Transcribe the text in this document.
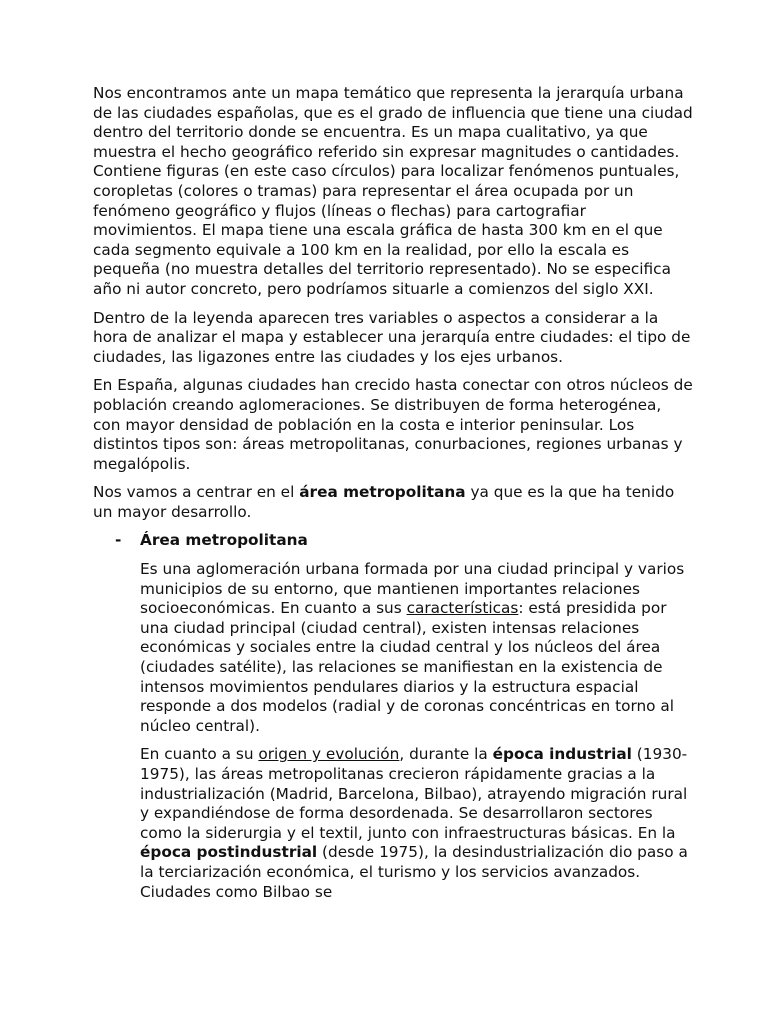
Nos encontramos ante un mapa temático que representa la jerarquía urbana de las ciudades españolas, que es el grado de influencia que tiene una ciudad dentro del territorio donde se encuentra. Es un mapa cualitativo, ya que muestra el hecho geográfico referido sin expresar magnitudes o cantidades. Contiene figuras (en este caso círculos) para localizar fenómenos puntuales, coropletas (colores o tramas) para representar el área ocupada por un fenómeno geográfico y flujos (líneas o flechas) para cartografiar movimientos. El mapa tiene una escala gráfica de hasta 300 km en el que cada segmento equivale a 100 km en la realidad, por ello la escala es pequeña (no muestra detalles del territorio representado). No se especifica año ni autor concreto, pero podríamos situarle a comienzos del siglo XXI.

Dentro de la leyenda aparecen tres variables o aspectos a considerar a la hora de analizar el mapa y establecer una jerarquía entre ciudades: el tipo de ciudades, las ligazones entre las ciudades y los ejes urbanos.

En España, algunas ciudades han crecido hasta conectar con otros núcleos de población creando aglomeraciones. Se distribuyen de forma heterogénea, con mayor densidad de población en la costa e interior peninsular. Los distintos tipos son: áreas metropolitanas, conurbaciones, regiones urbanas y megalópolis.

Nos vamos a centrar en el área metropolitana ya que es la que ha tenido un mayor desarrollo.

-	Área metropolitana

Es una aglomeración urbana formada por una ciudad principal y varios municipios de su entorno, que mantienen importantes relaciones socioeconómicas. En cuanto a sus características: está presidida por una ciudad principal (ciudad central), existen intensas relaciones económicas y sociales entre la ciudad central y los núcleos del área (ciudades satélite), las relaciones se manifiestan en la existencia de intensos movimientos pendulares diarios y la estructura espacial responde a dos modelos (radial y de coronas concéntricas en torno al núcleo central).

En cuanto a su origen y evolución, durante la época industrial (1930-1975), las áreas metropolitanas crecieron rápidamente gracias a la industrialización (Madrid, Barcelona, Bilbao), atrayendo migración rural y expandiéndose de forma desordenada. Se desarrollaron sectores como la siderurgia y el textil, junto con infraestructuras básicas. En la época postindustrial (desde 1975), la desindustrialización dio paso a la terciarización económica, el turismo y los servicios avanzados. Ciudades como Bilbao se
